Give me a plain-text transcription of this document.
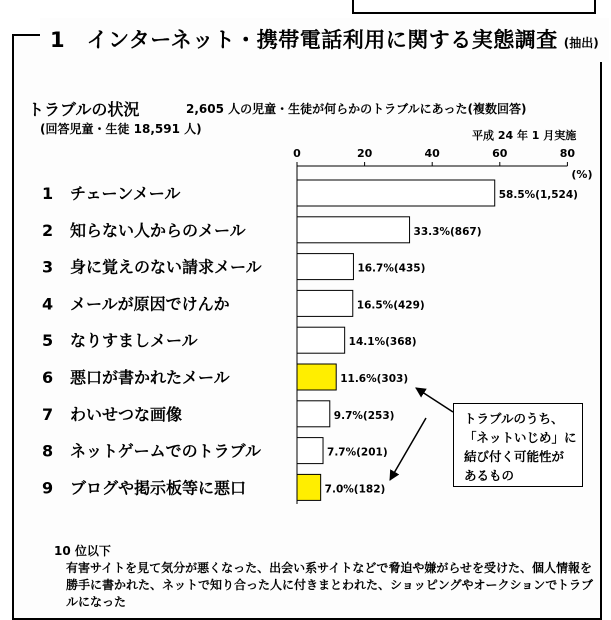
1　インターネット・携帯電話利用に関する実態調査 (抽出)
トラブルの状況	2,605 人の児童・生徒が何らかのトラブルにあった(複数回答)
(回答児童・生徒 18,591 人)	平成 24 年 1 月実施
0	20	40	60	80
(%)
1 チェーンメール	58.5%(1,524)
2 知らない人からのメール	33.3%(867)
3 身に覚えのない請求メール	16.7%(435)
4 メールが原因でけんか	16.5%(429)
5 なりすましメール	14.1%(368)
6 悪口が書かれたメール	11.6%(303)
7 わいせつな画像	9.7%(253)
8 ネットゲームでのトラブル	7.7%(201)
9 ブログや掲示板等に悪口	7.0%(182)
トラブルのうち、
「ネットいじめ」に
結び付く可能性が
あるもの
10 位以下
有害サイトを見て気分が悪くなった、出会い系サイトなどで脅迫や嫌がらせを受けた、個人情報を勝手に書かれた、ネットで知り合った人に付きまとわれた、ショッピングやオークションでトラブルになった
